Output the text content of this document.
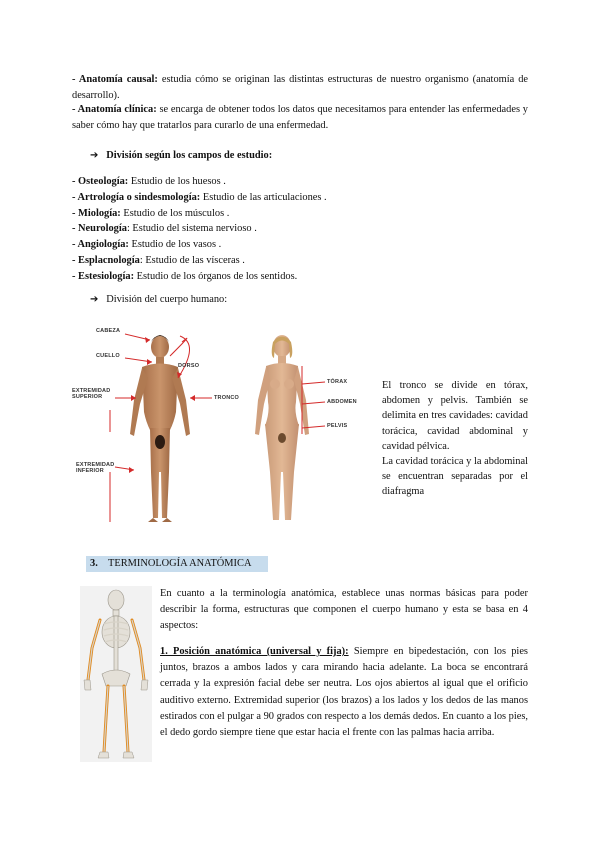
- Anatomía causal: estudia cómo se originan las distintas estructuras de nuestro organismo (anatomía de desarrollo).
- Anatomía clínica: se encarga de obtener todos los datos que necesitamos para entender las enfermedades y saber cómo hay que tratarlos para curarlo de una enfermedad.
➔ División según los campos de estudio:
- Osteología: Estudio de los huesos .
- Artrología o sindesmología: Estudio de las articulaciones .
- Miología: Estudio de los músculos .
- Neurología: Estudio del sistema nervioso .
- Angiología: Estudio de los vasos .
- Esplacnología: Estudio de las vísceras .
- Estesiología: Estudio de los órganos de los sentidos.
➔ División del cuerpo humano:
CABEZA
CUELLO
DORSO
EXTREMIDAD SUPERIOR	TRONCO
EXTREMIDAD INFERIOR
TÓRAX
ABDOMEN
PELVIS
El tronco se divide en tórax, abdomen y pelvis. También se delimita en tres cavidades: cavidad torácica, cavidad abdominal y cavidad pélvica.
La cavidad torácica y la abdominal se encuentran separadas por el diafragma
3. TERMINOLOGÍA ANATÓMICA
En cuanto a la terminología anatómica, establece unas normas básicas para poder describir la forma, estructuras que componen el cuerpo humano y esta se basa en 4 aspectos:
1. Posición anatómica (universal y fija): Siempre en bipedestación, con los pies juntos, brazos a ambos lados y cara mirando hacia adelante. La boca se encontrará cerrada y la expresión facial debe ser neutra. Los ojos abiertos al igual que el orificio auditivo externo. Extremidad superior (los brazos) a los lados y los dedos de las manos estirados con el pulgar a 90 grados con respecto a los demás dedos. En cuanto a los pies, el dedo gordo siempre tiene que estar hacia el frente con las palmas hacia arriba.
